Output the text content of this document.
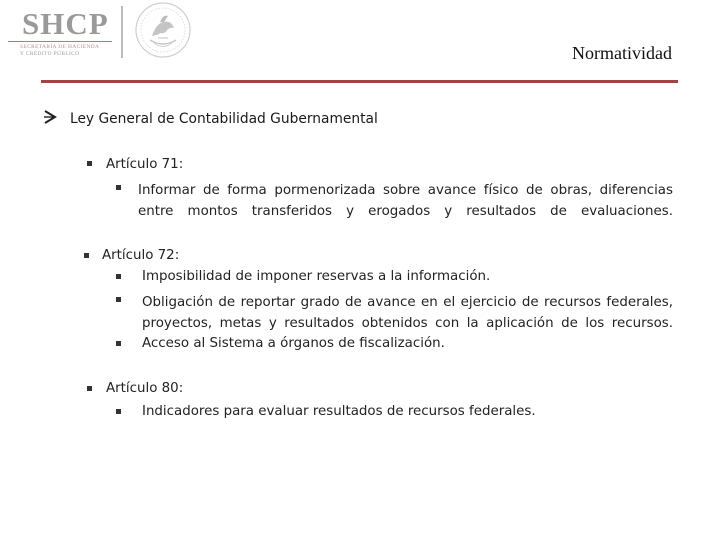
SHCP
SECRETARÍA DE HACIENDA
Y CRÉDITO PÚBLICO	Normatividad
Ley General de Contabilidad Gubernamental
Artículo 71:
Informar de forma pormenorizada sobre avance físico de obras, diferencias entre montos transferidos y erogados y resultados de evaluaciones.
Artículo 72:
Imposibilidad de imponer reservas a la información.
Obligación de reportar grado de avance en el ejercicio de recursos federales, proyectos, metas y resultados obtenidos con la aplicación de los recursos.
Acceso al Sistema a órganos de fiscalización.
Artículo 80:
Indicadores para evaluar resultados de recursos federales.
